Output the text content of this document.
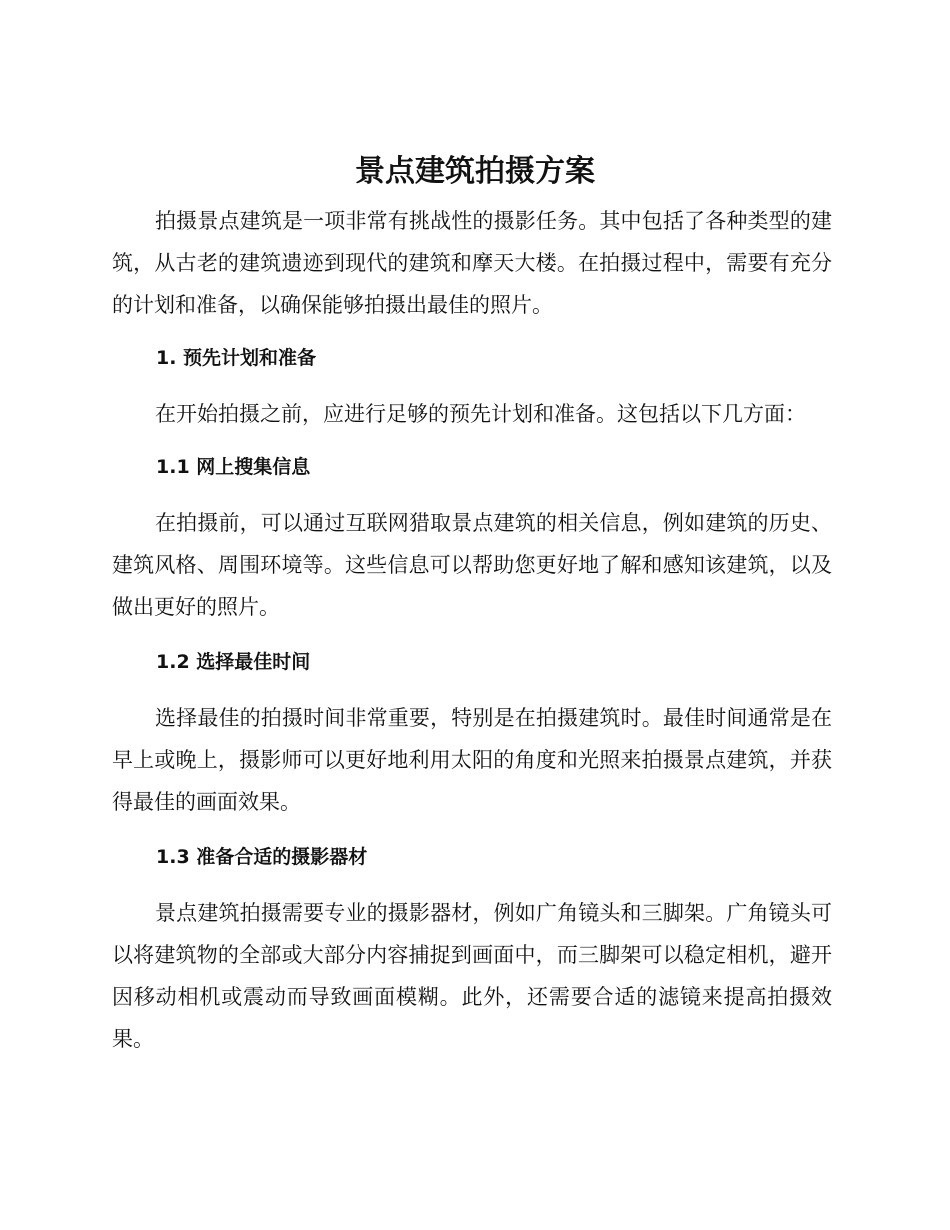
景点建筑拍摄方案

拍摄景点建筑是一项非常有挑战性的摄影任务。其中包括了各种类型的建筑，从古老的建筑遗迹到现代的建筑和摩天大楼。在拍摄过程中，需要有充分的计划和准备，以确保能够拍摄出最佳的照片。

1. 预先计划和准备

在开始拍摄之前，应进行足够的预先计划和准备。这包括以下几方面：

1.1 网上搜集信息

在拍摄前，可以通过互联网猎取景点建筑的相关信息，例如建筑的历史、建筑风格、周围环境等。这些信息可以帮助您更好地了解和感知该建筑，以及做出更好的照片。

1.2 选择最佳时间

选择最佳的拍摄时间非常重要，特别是在拍摄建筑时。最佳时间通常是在早上或晚上，摄影师可以更好地利用太阳的角度和光照来拍摄景点建筑，并获得最佳的画面效果。

1.3 准备合适的摄影器材

景点建筑拍摄需要专业的摄影器材，例如广角镜头和三脚架。广角镜头可以将建筑物的全部或大部分内容捕捉到画面中，而三脚架可以稳定相机，避开因移动相机或震动而导致画面模糊。此外，还需要合适的滤镜来提高拍摄效果。
